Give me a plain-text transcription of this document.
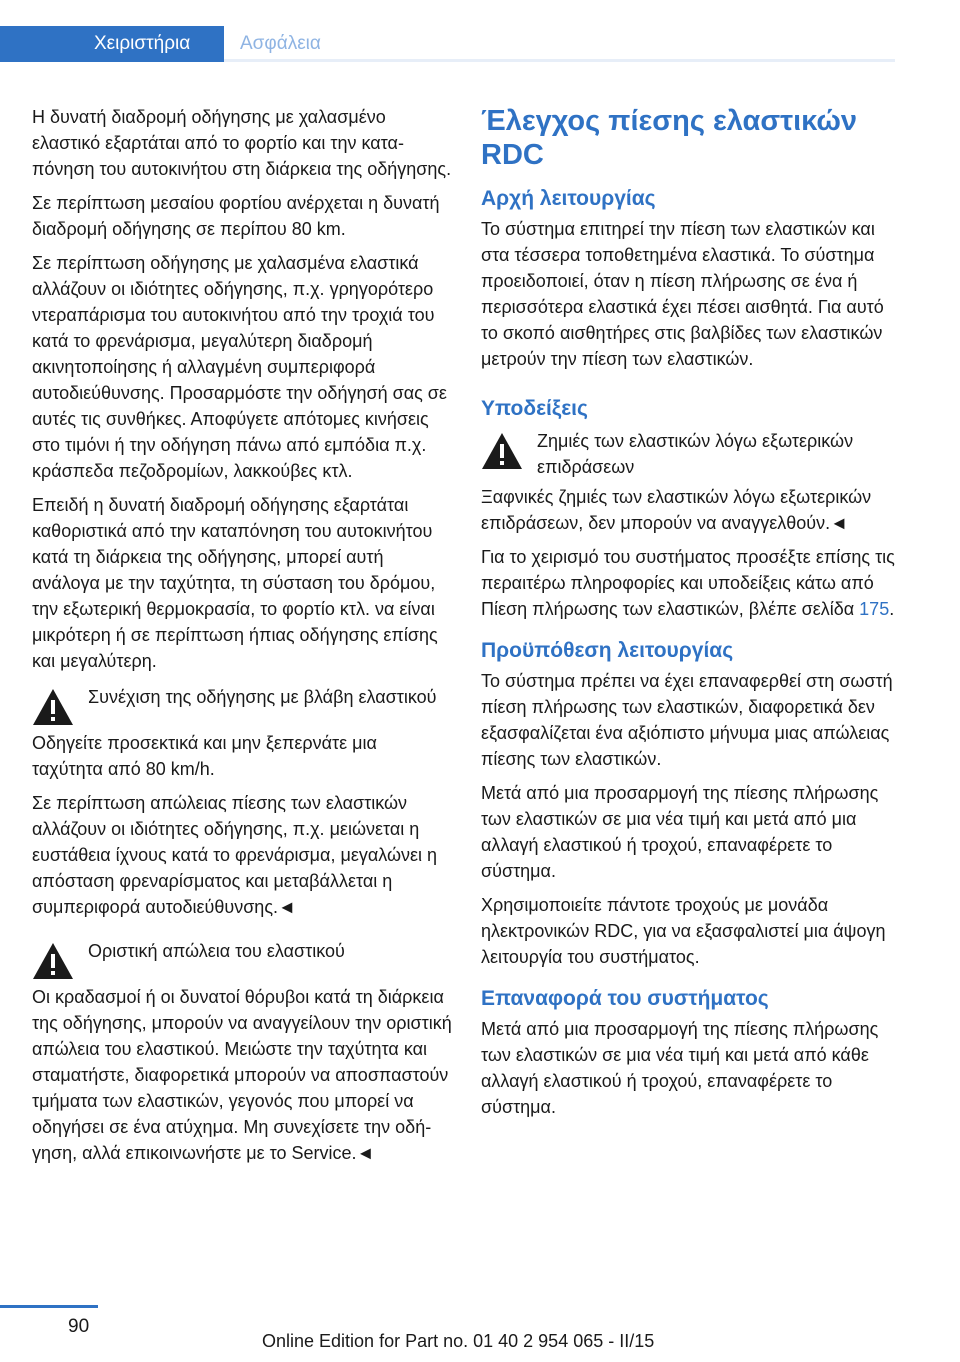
Χειριστήρια	Ασφάλεια

Η δυνατή διαδρομή οδήγησης με χαλασμένο ελαστικό εξαρτάται από το φορτίο και την καταπόνηση του αυτοκινήτου στη διάρκεια της οδήγησης.

Σε περίπτωση μεσαίου φορτίου ανέρχεται η δυνατή διαδρομή οδήγησης σε περίπου 80 km.

Σε περίπτωση οδήγησης με χαλασμένα ελαστικά αλλάζουν οι ιδιότητες οδήγησης, π.χ. γρηγορότερο ντεραπάρισμα του αυτοκινήτου από την τροχιά του κατά το φρενάρισμα, μεγαλύτερη διαδρομή ακινητοποίησης ή αλλαγμένη συμπεριφορά αυτοδιεύθυνσης. Προσαρμόστε την οδήγησή σας σε αυτές τις συνθήκες. Αποφύγετε απότομες κινήσεις στο τιμόνι ή την οδήγηση πάνω από εμπόδια π.χ. κράσπεδα πεζοδρομίων, λακκούβες κτλ.

Επειδή η δυνατή διαδρομή οδήγησης εξαρτάται καθοριστικά από την καταπόνηση του αυτοκινήτου κατά τη διάρκεια της οδήγησης, μπορεί αυτή ανάλογα με την ταχύτητα, τη σύσταση του δρόμου, την εξωτερική θερμοκρασία, το φορτίο κτλ. να είναι μικρότερη ή σε περίπτωση ήπιας οδήγησης επίσης και μεγαλύτερη.

Συνέχιση της οδήγησης με βλάβη ελαστικού

Οδηγείτε προσεκτικά και μην ξεπερνάτε μια ταχύτητα από 80 km/h.

Σε περίπτωση απώλειας πίεσης των ελαστικών αλλάζουν οι ιδιότητες οδήγησης, π.χ. μειώνεται η ευστάθεια ίχνους κατά το φρενάρισμα, μεγαλώνει η απόσταση φρεναρίσματος και μεταβάλλεται η συμπεριφορά αυτοδιεύθυνσης.◄

Οριστική απώλεια του ελαστικού

Οι κραδασμοί ή οι δυνατοί θόρυβοι κατά τη διάρκεια της οδήγησης, μπορούν να αναγγείλουν την οριστική απώλεια του ελαστικού. Μειώστε την ταχύτητα και σταματήστε, διαφορετικά μπορούν να αποσπαστούν τμήματα των ελαστικών, γεγονός που μπορεί να οδηγήσει σε ένα ατύχημα. Μη συνεχίσετε την οδήγηση, αλλά επικοινωνήστε με το Service.◄

Έλεγχος πίεσης ελαστικών RDC
Αρχή λειτουργίας

Το σύστημα επιτηρεί την πίεση των ελαστικών και στα τέσσερα τοποθετημένα ελαστικά. Το σύστημα προειδοποιεί, όταν η πίεση πλήρωσης σε ένα ή περισσότερα ελαστικά έχει πέσει αισθητά. Για αυτό το σκοπό αισθητήρες στις βαλβίδες των ελαστικών μετρούν την πίεση των ελαστικών.

Υποδείξεις
Ζημιές των ελαστικών λόγω εξωτερικών επιδράσεων

Ξαφνικές ζημιές των ελαστικών λόγω εξωτερικών επιδράσεων, δεν μπορούν να αναγγελθούν.◄

Για το χειρισμό του συστήματος προσέξτε επίσης τις περαιτέρω πληροφορίες και υποδείξεις κάτω από Πίεση πλήρωσης των ελαστικών, βλέπε σελίδα 175.

Προϋπόθεση λειτουργίας

Το σύστημα πρέπει να έχει επαναφερθεί στη σωστή πίεση πλήρωσης των ελαστικών, διαφορετικά δεν εξασφαλίζεται ένα αξιόπιστο μήνυμα μιας απώλειας πίεσης των ελαστικών.

Μετά από μια προσαρμογή της πίεσης πλήρωσης των ελαστικών σε μια νέα τιμή και μετά από μια αλλαγή ελαστικού ή τροχού, επαναφέρετε το σύστημα.

Χρησιμοποιείτε πάντοτε τροχούς με μονάδα ηλεκτρονικών RDC, για να εξασφαλιστεί μια άψογη λειτουργία του συστήματος.

Επαναφορά του συστήματος

Μετά από μια προσαρμογή της πίεσης πλήρωσης των ελαστικών σε μια νέα τιμή και μετά από κάθε αλλαγή ελαστικού ή τροχού, επαναφέρετε το σύστημα.

90
Online Edition for Part no. 01 40 2 954 065 - II/15
